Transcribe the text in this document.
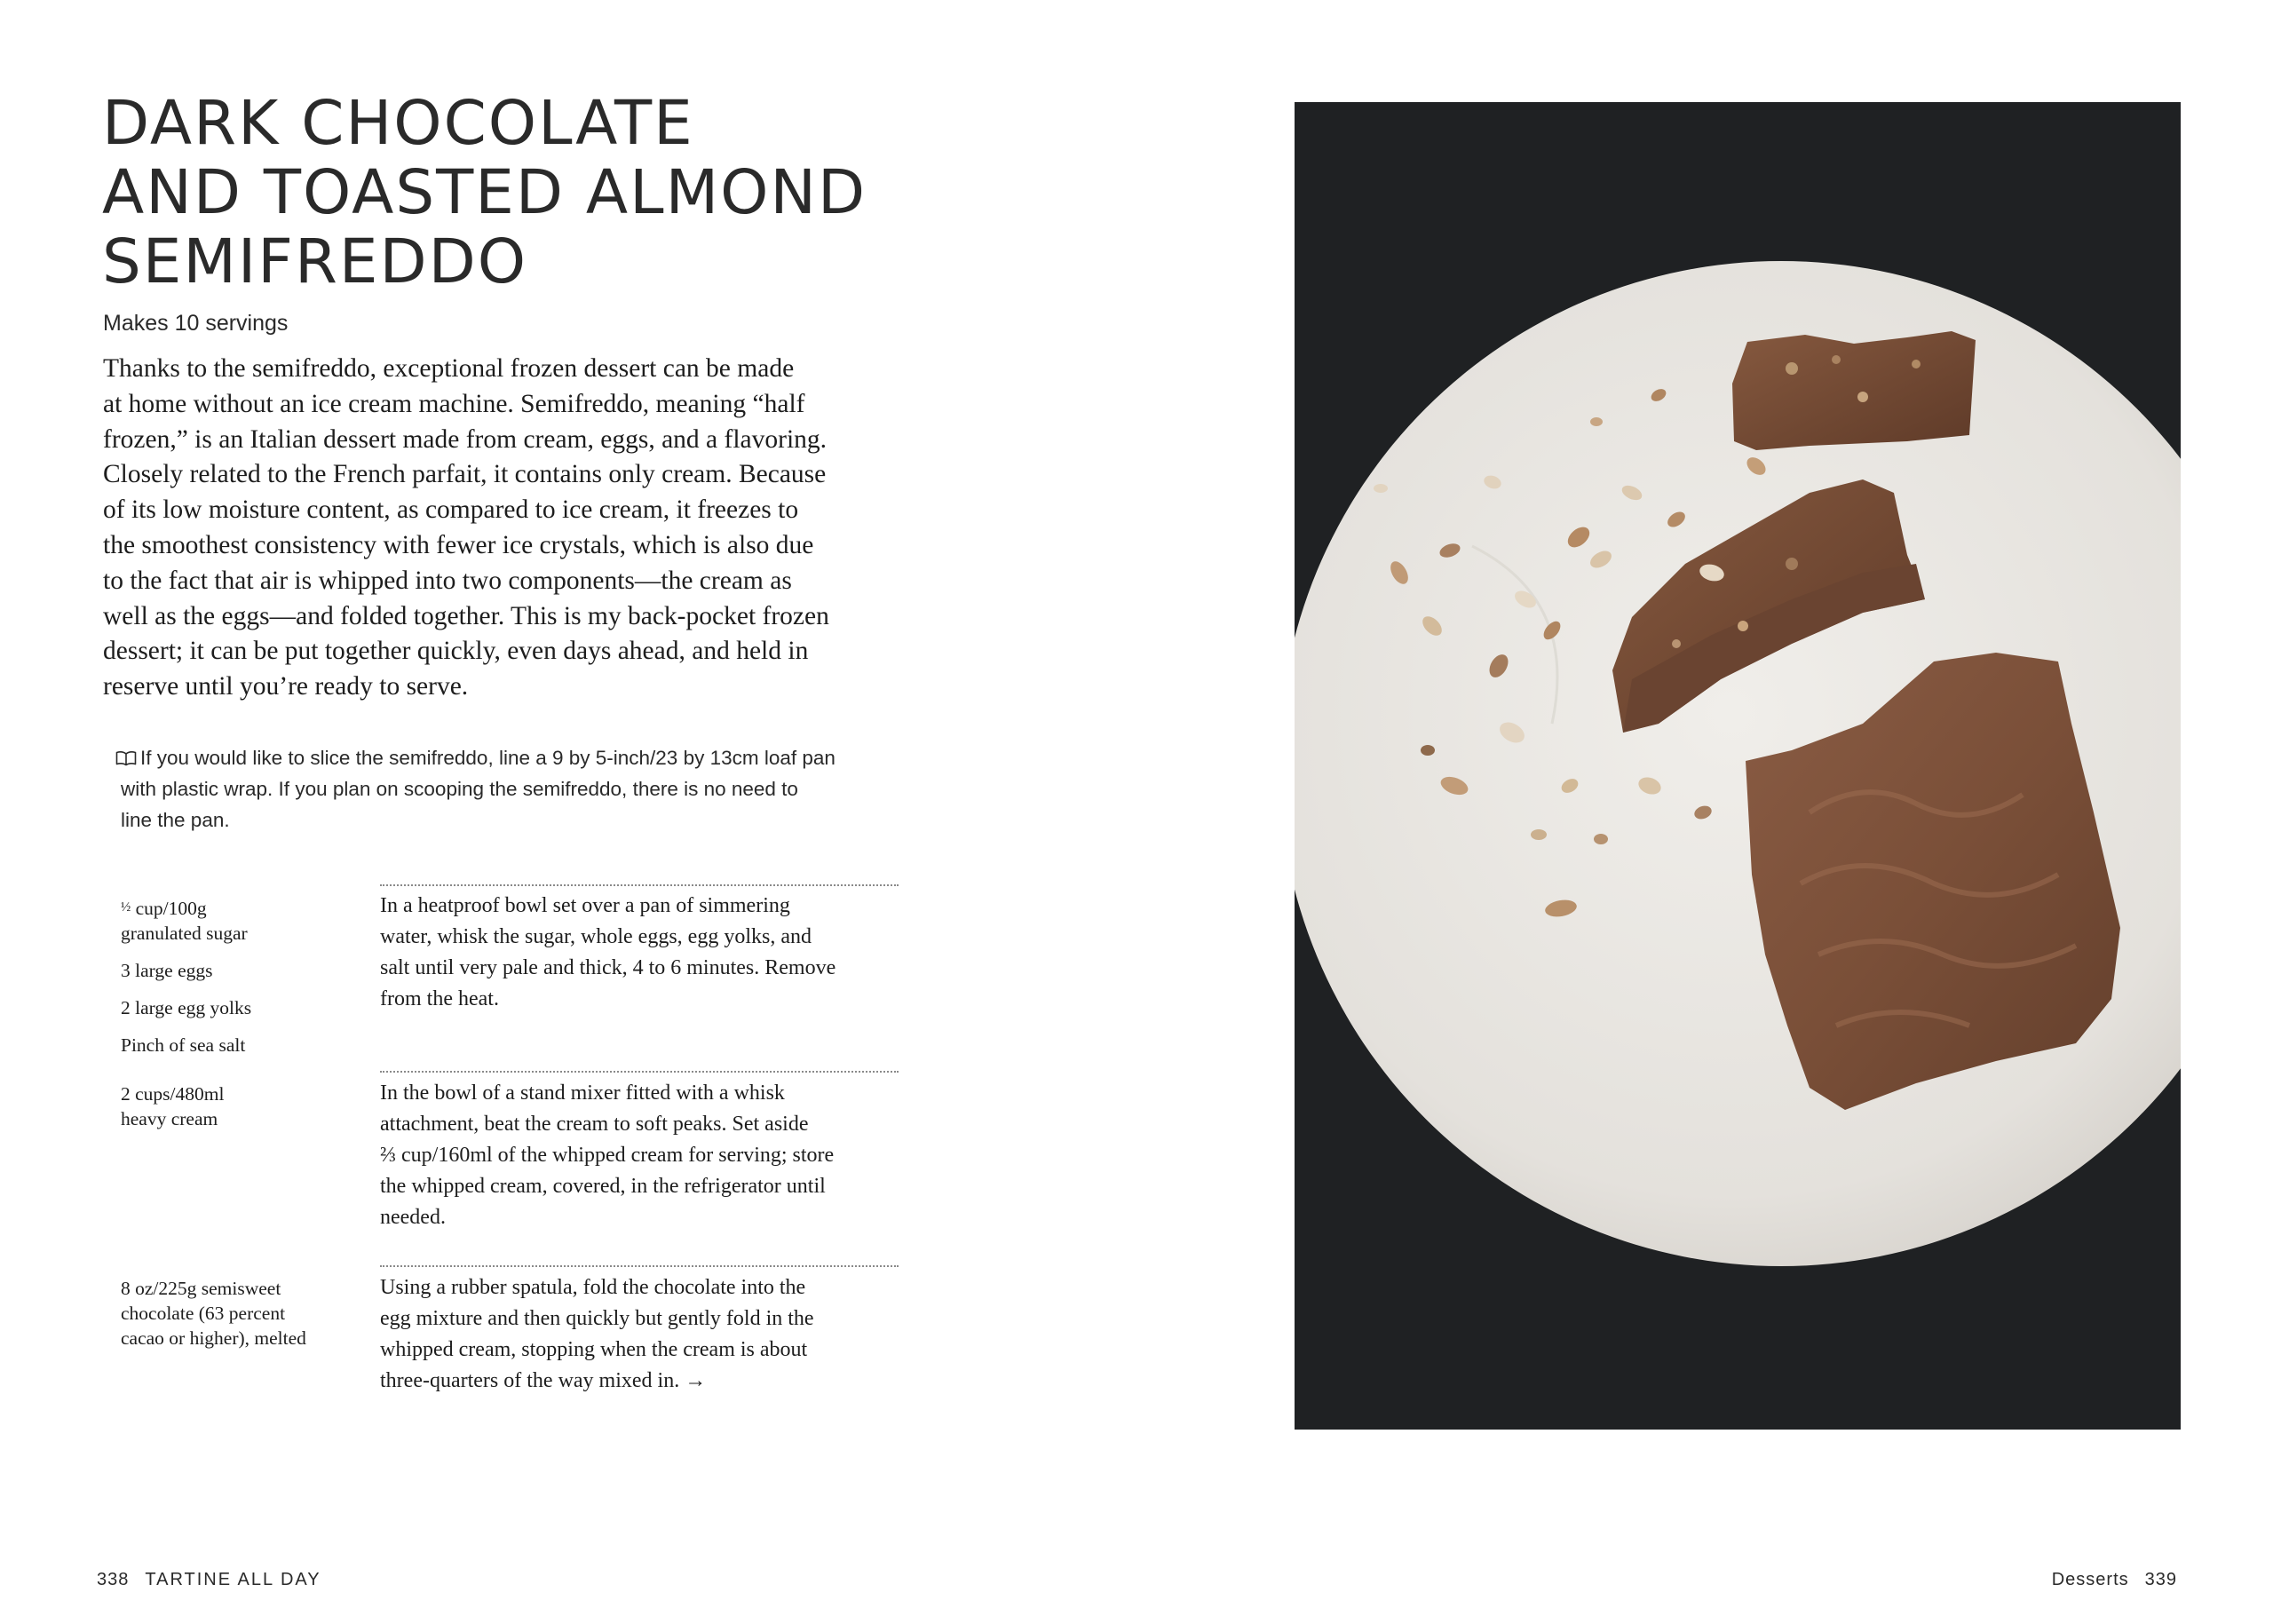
DARK CHOCOLATE
AND TOASTED ALMOND
SEMIFREDDO
Makes 10 servings
Thanks to the semifreddo, exceptional frozen dessert can be made
at home without an ice cream machine. Semifreddo, meaning “half
frozen,” is an Italian dessert made from cream, eggs, and a flavoring.
Closely related to the French parfait, it contains only cream. Because
of its low moisture content, as compared to ice cream, it freezes to
the smoothest consistency with fewer ice crystals, which is also due
to the fact that air is whipped into two components—the cream as
well as the eggs—and folded together. This is my back-pocket frozen
dessert; it can be put together quickly, even days ahead, and held in
reserve until you’re ready to serve.
If you would like to slice the semifreddo, line a 9 by 5-inch/23 by 13cm loaf pan
with plastic wrap. If you plan on scooping the semifreddo, there is no need to
line the pan.
½ cup/100g
granulated sugar
3 large eggs
2 large egg yolks
Pinch of sea salt
In a heatproof bowl set over a pan of simmering
water, whisk the sugar, whole eggs, egg yolks, and
salt until very pale and thick, 4 to 6 minutes. Remove
from the heat.
2 cups/480ml
heavy cream
In the bowl of a stand mixer fitted with a whisk
attachment, beat the cream to soft peaks. Set aside
⅔ cup/160ml of the whipped cream for serving; store
the whipped cream, covered, in the refrigerator until
needed.
8 oz/225g semisweet
chocolate (63 percent
cacao or higher), melted
Using a rubber spatula, fold the chocolate into the
egg mixture and then quickly but gently fold in the
whipped cream, stopping when the cream is about
three-quarters of the way mixed in. →
338 TARTINE ALL DAY	Desserts 339
